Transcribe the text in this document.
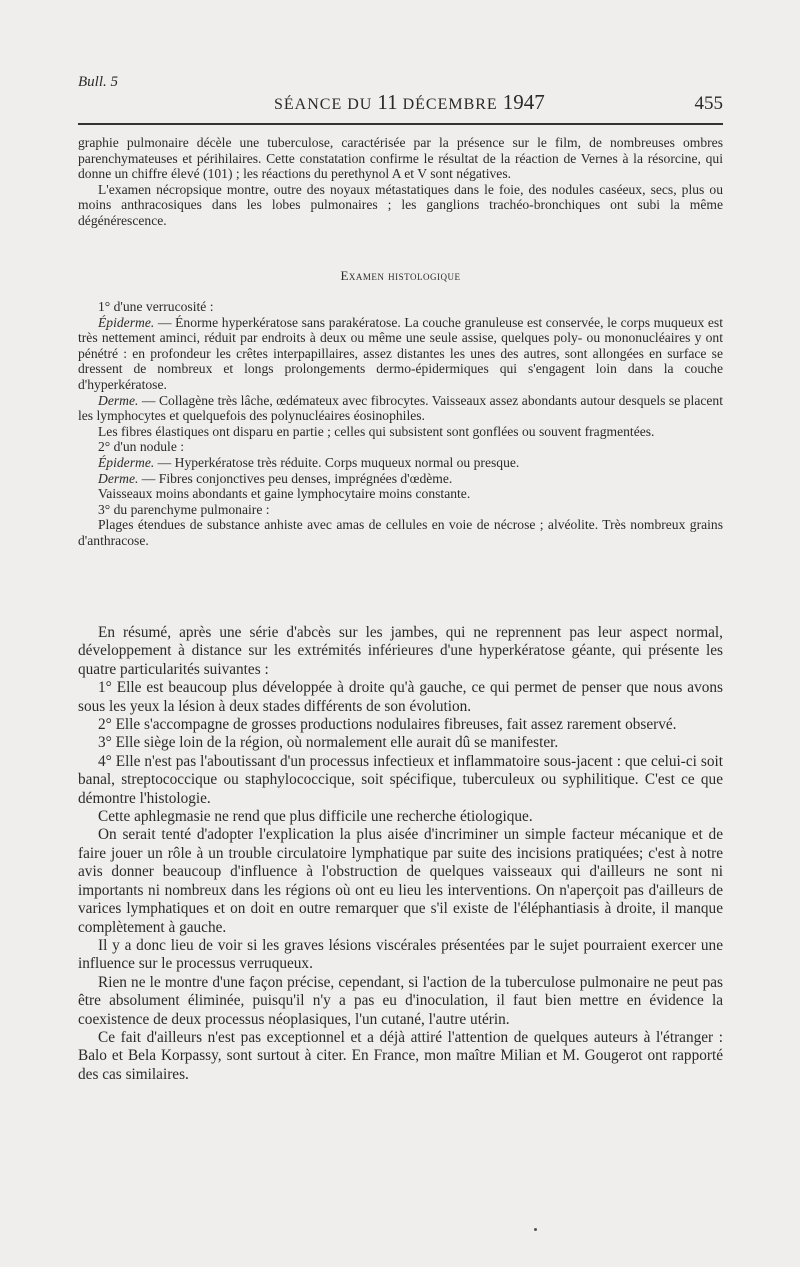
Bull. 5
SÉANCE DU 11 DÉCEMBRE 1947	455

graphie pulmonaire décèle une tuberculose, caractérisée par la présence sur le film, de nombreuses ombres parenchymateuses et périhilaires. Cette constatation confirme le résultat de la réaction de Vernes à la résorcine, qui donne un chiffre élevé (101) ; les réactions du perethynol A et V sont négatives.

L'examen nécropsique montre, outre des noyaux métastatiques dans le foie, des nodules caséeux, secs, plus ou moins anthracosiques dans les lobes pulmonaires ; les ganglions trachéo-bronchiques ont subi la même dégénérescence.

Examen histologique

1° d'une verrucosité :

Épiderme. — Énorme hyperkératose sans parakératose. La couche granuleuse est conservée, le corps muqueux est très nettement aminci, réduit par endroits à deux ou même une seule assise, quelques poly- ou mononucléaires y ont pénétré : en profondeur les crêtes interpapillaires, assez distantes les unes des autres, sont allongées en surface se dressent de nombreux et longs prolongements dermo-épidermiques qui s'engagent loin dans la couche d'hyperkératose.

Derme. — Collagène très lâche, œdémateux avec fibrocytes. Vaisseaux assez abondants autour desquels se placent les lymphocytes et quelquefois des polynucléaires éosinophiles.

Les fibres élastiques ont disparu en partie ; celles qui subsistent sont gonflées ou souvent fragmentées.

2° d'un nodule :

Épiderme. — Hyperkératose très réduite. Corps muqueux normal ou presque.

Derme. — Fibres conjonctives peu denses, imprégnées d'œdème.

Vaisseaux moins abondants et gaine lymphocytaire moins constante.

3° du parenchyme pulmonaire :

Plages étendues de substance anhiste avec amas de cellules en voie de nécrose ; alvéolite. Très nombreux grains d'anthracose.

En résumé, après une série d'abcès sur les jambes, qui ne reprennent pas leur aspect normal, développement à distance sur les extrémités inférieures d'une hyperkératose géante, qui présente les quatre particularités suivantes :

1° Elle est beaucoup plus développée à droite qu'à gauche, ce qui permet de penser que nous avons sous les yeux la lésion à deux stades différents de son évolution.

2° Elle s'accompagne de grosses productions nodulaires fibreuses, fait assez rarement observé.

3° Elle siège loin de la région, où normalement elle aurait dû se manifester.

4° Elle n'est pas l'aboutissant d'un processus infectieux et inflammatoire sous-jacent : que celui-ci soit banal, streptococcique ou staphylococcique, soit spécifique, tuberculeux ou syphilitique. C'est ce que démontre l'histologie.

Cette aphlegmasie ne rend que plus difficile une recherche étiologique.

On serait tenté d'adopter l'explication la plus aisée d'incriminer un simple facteur mécanique et de faire jouer un rôle à un trouble circulatoire lymphatique par suite des incisions pratiquées; c'est à notre avis donner beaucoup d'influence à l'obstruction de quelques vaisseaux qui d'ailleurs ne sont ni importants ni nombreux dans les régions où ont eu lieu les interventions. On n'aperçoit pas d'ailleurs de varices lymphatiques et on doit en outre remarquer que s'il existe de l'éléphantiasis à droite, il manque complètement à gauche.

Il y a donc lieu de voir si les graves lésions viscérales présentées par le sujet pourraient exercer une influence sur le processus verruqueux.

Rien ne le montre d'une façon précise, cependant, si l'action de la tuberculose pulmonaire ne peut pas être absolument éliminée, puisqu'il n'y a pas eu d'inoculation, il faut bien mettre en évidence la coexistence de deux processus néoplasiques, l'un cutané, l'autre utérin.

Ce fait d'ailleurs n'est pas exceptionnel et a déjà attiré l'attention de quelques auteurs à l'étranger : Balo et Bela Korpassy, sont surtout à citer. En France, mon maître Milian et M. Gougerot ont rapporté des cas similaires.
